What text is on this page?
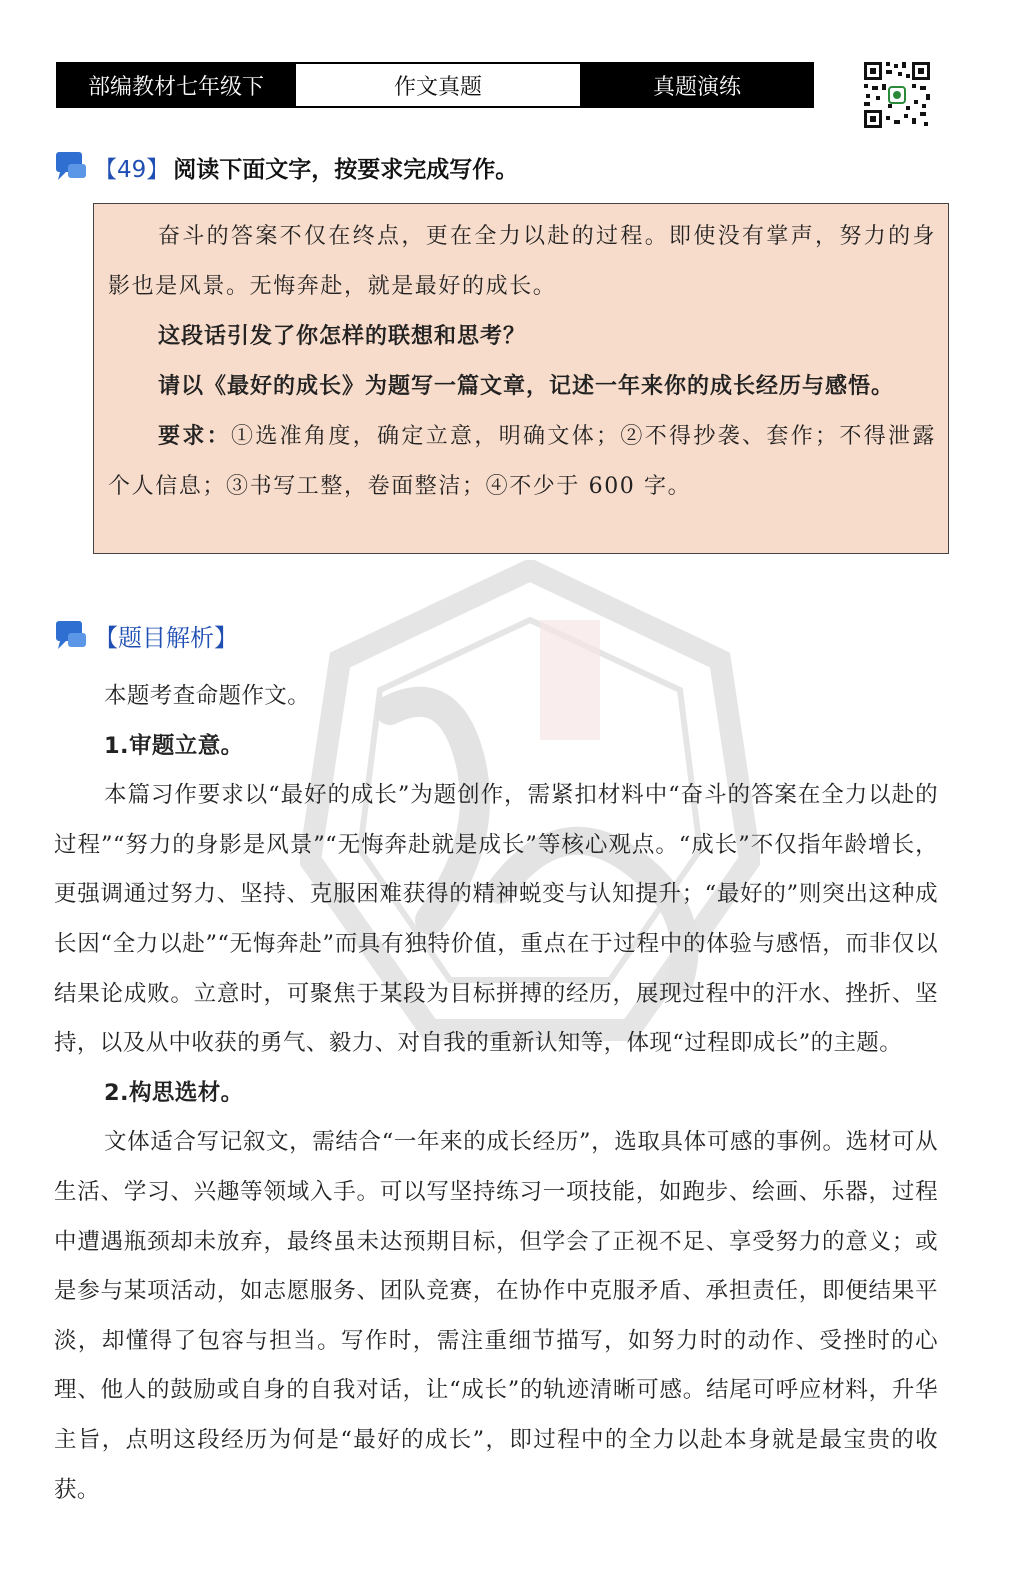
部编教材七年级下	作文真题	真题演练
【49】 阅读下面文字，按要求完成写作。

奋斗的答案不仅在终点，更在全力以赴的过程。即使没有掌声，努力的身影也是风景。无悔奔赴，就是最好的成长。

这段话引发了你怎样的联想和思考？

请以《最好的成长》为题写一篇文章，记述一年来你的成长经历与感悟。

要求：①选准角度，确定立意，明确文体；②不得抄袭、套作；不得泄露个人信息；③书写工整，卷面整洁；④不少于 600 字。

【题目解析】

本题考查命题作文。

1.审题立意。

本篇习作要求以“最好的成长”为题创作，需紧扣材料中“奋斗的答案在全力以赴的过程”“努力的身影是风景”“无悔奔赴就是成长”等核心观点。“成长”不仅指年龄增长，更强调通过努力、坚持、克服困难获得的精神蜕变与认知提升；“最好的”则突出这种成长因“全力以赴”“无悔奔赴”而具有独特价值，重点在于过程中的体验与感悟，而非仅以结果论成败。立意时，可聚焦于某段为目标拼搏的经历，展现过程中的汗水、挫折、坚持，以及从中收获的勇气、毅力、对自我的重新认知等，体现“过程即成长”的主题。

2.构思选材。

文体适合写记叙文，需结合“一年来的成长经历”，选取具体可感的事例。选材可从生活、学习、兴趣等领域入手。可以写坚持练习一项技能，如跑步、绘画、乐器，过程中遭遇瓶颈却未放弃，最终虽未达预期目标，但学会了正视不足、享受努力的意义；或是参与某项活动，如志愿服务、团队竞赛，在协作中克服矛盾、承担责任，即便结果平淡，却懂得了包容与担当。写作时，需注重细节描写，如努力时的动作、受挫时的心理、他人的鼓励或自身的自我对话，让“成长”的轨迹清晰可感。结尾可呼应材料，升华主旨，点明这段经历为何是“最好的成长”，即过程中的全力以赴本身就是最宝贵的收获。
